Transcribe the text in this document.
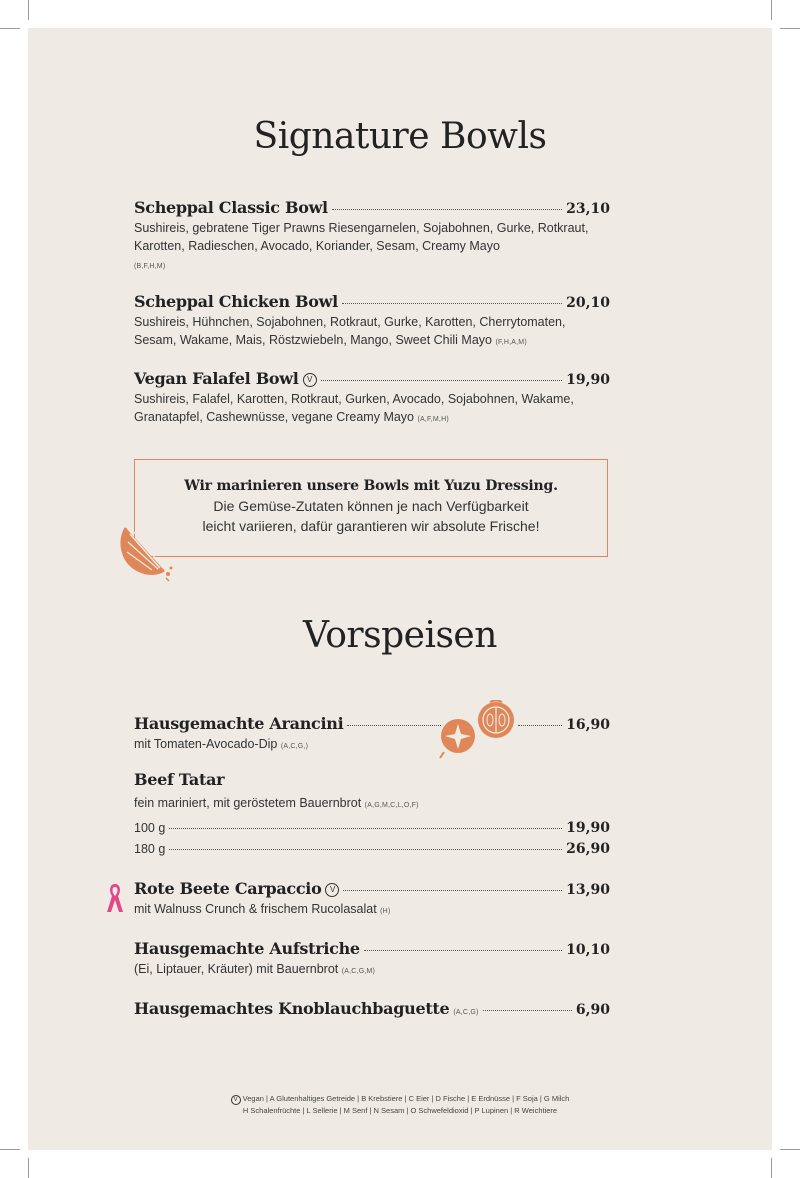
Signature Bowls
Scheppal Classic Bowl	23,10
Sushireis, gebratene Tiger Prawns Riesengarnelen, Sojabohnen, Gurke, Rotkraut, Karotten, Radieschen, Avocado, Koriander, Sesam, Creamy Mayo
(B,F,H,M)
Scheppal Chicken Bowl	20,10
Sushireis, Hühnchen, Sojabohnen, Rotkraut, Gurke, Karotten, Cherrytomaten, Sesam, Wakame, Mais, Röstzwiebeln, Mango, Sweet Chili Mayo (F,H,A,M)
Vegan Falafel Bowl V	19,90
Sushireis, Falafel, Karotten, Rotkraut, Gurken, Avocado, Sojabohnen, Wakame, Granatapfel, Cashewnüsse, vegane Creamy Mayo (A,F,M,H)
Wir marinieren unsere Bowls mit Yuzu Dressing.
Die Gemüse-Zutaten können je nach Verfügbarkeit
leicht variieren, dafür garantieren wir absolute Frische!
Vorspeisen
Hausgemachte Arancini	16,90
mit Tomaten-Avocado-Dip (A,C,G,)
Beef Tatar
fein mariniert, mit geröstetem Bauernbrot (A,G,M,C,L,O,F)
100 g	19,90
180 g	26,90
Rote Beete Carpaccio V	13,90
mit Walnuss Crunch & frischem Rucolasalat (H)
Hausgemachte Aufstriche	10,10
(Ei, Liptauer, Kräuter) mit Bauernbrot (A,C,G,M)
Hausgemachtes Knoblauchbaguette (A,C,G)	6,90
V Vegan | A Glutenhaltiges Getreide | B Krebstiere | C Eier | D Fische | E Erdnüsse | F Soja | G Milch
H Schalenfrüchte | L Sellerie | M Senf | N Sesam | O Schwefeldioxid | P Lupinen | R Weichtiere
